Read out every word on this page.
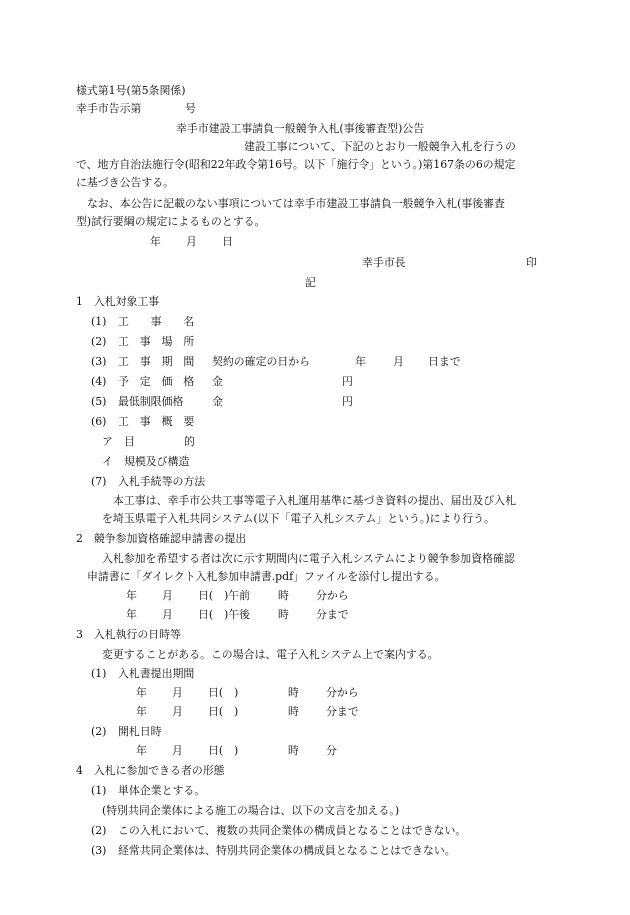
様式第1号(第5条関係)
幸手市告示第	号
幸手市建設工事請負一般競争入札(事後審査型)公告
建設工事について、下記のとおり一般競争入札を行うの
で、地方自治法施行令(昭和22年政令第16号。以下「施行令」という。)第167条の6の規定
に基づき公告する。
なお、本公告に記載のない事項については幸手市建設工事請負一般競争入札(事後審査
型)試行要綱の規定によるものとする。
年 月 日
幸手市長	印
記
1　入札対象工事
(1) 工　　事　　名
(2) 工　事　場　所
(3) 工　事　期　間 契約の確定の日から	年 月 日まで
(4) 予　定　価　格 金	円
(5) 最低制限価格	金	円
(6) 工　事　概　要
ア 目	的
イ 規模及び構造
(7) 入札手続等の方法
本工事は、幸手市公共工事等電子入札運用基準に基づき資料の提出、届出及び入札
を埼玉県電子入札共同システム(以下「電子入札システム」という。)により行う。
2　競争参加資格確認申請書の提出
入札参加を希望する者は次に示す期間内に電子入札システムにより競争参加資格確認
申請書に「ダイレクト入札参加申請書.pdf」ファイルを添付し提出する。
年 月 日(　)午前	時 分から
年 月 日(　)午後	時 分まで
3　入札執行の日時等
変更することがある。この場合は、電子入札システム上で案内する。
(1) 入札書提出期間
年 月 日(　)	時 分から
年 月 日(　)	時 分まで
(2) 開札日時
年 月 日(　)	時 分
4　入札に参加できる者の形態
(1) 単体企業とする。
(特別共同企業体による施工の場合は、以下の文言を加える。)
(2) この入札において、複数の共同企業体の構成員となることはできない。
(3) 経常共同企業体は、特別共同企業体の構成員となることはできない。
